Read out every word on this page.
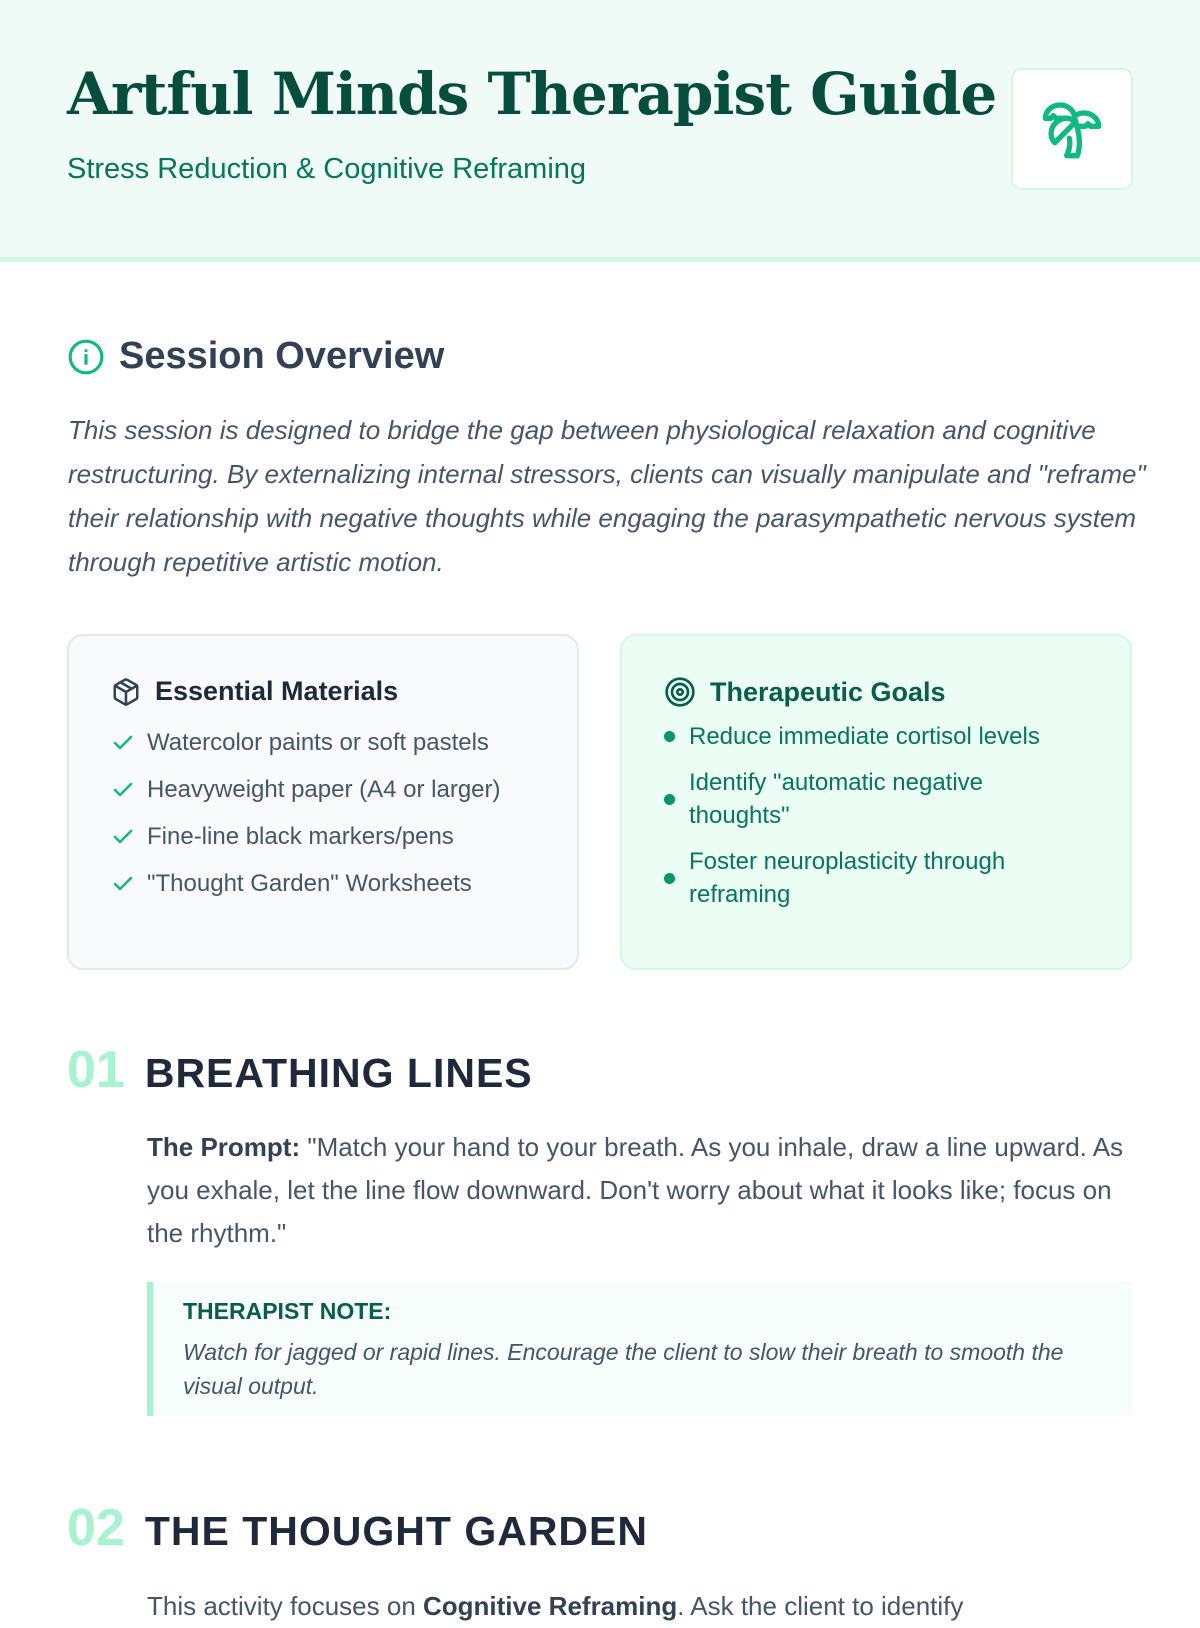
Artful Minds Therapist Guide
Stress Reduction & Cognitive Reframing
Session Overview

This session is designed to bridge the gap between physiological relaxation and cognitive restructuring. By externalizing internal stressors, clients can visually manipulate and "reframe" their relationship with negative thoughts while engaging the parasympathetic nervous system through repetitive artistic motion.

Essential Materials
Watercolor paints or soft pastels
Heavyweight paper (A4 or larger)
Fine-line black markers/pens
"Thought Garden" Worksheets
Therapeutic Goals
Reduce immediate cortisol levels
Identify "automatic negative thoughts"
Foster neuroplasticity through reframing
01 BREATHING LINES

The Prompt: "Match your hand to your breath. As you inhale, draw a line upward. As you exhale, let the line flow downward. Don't worry about what it looks like; focus on the rhythm."

THERAPIST NOTE:
Watch for jagged or rapid lines. Encourage the client to slow their breath to smooth the visual output.
02 THE THOUGHT GARDEN

This activity focuses on Cognitive Reframing. Ask the client to identify
